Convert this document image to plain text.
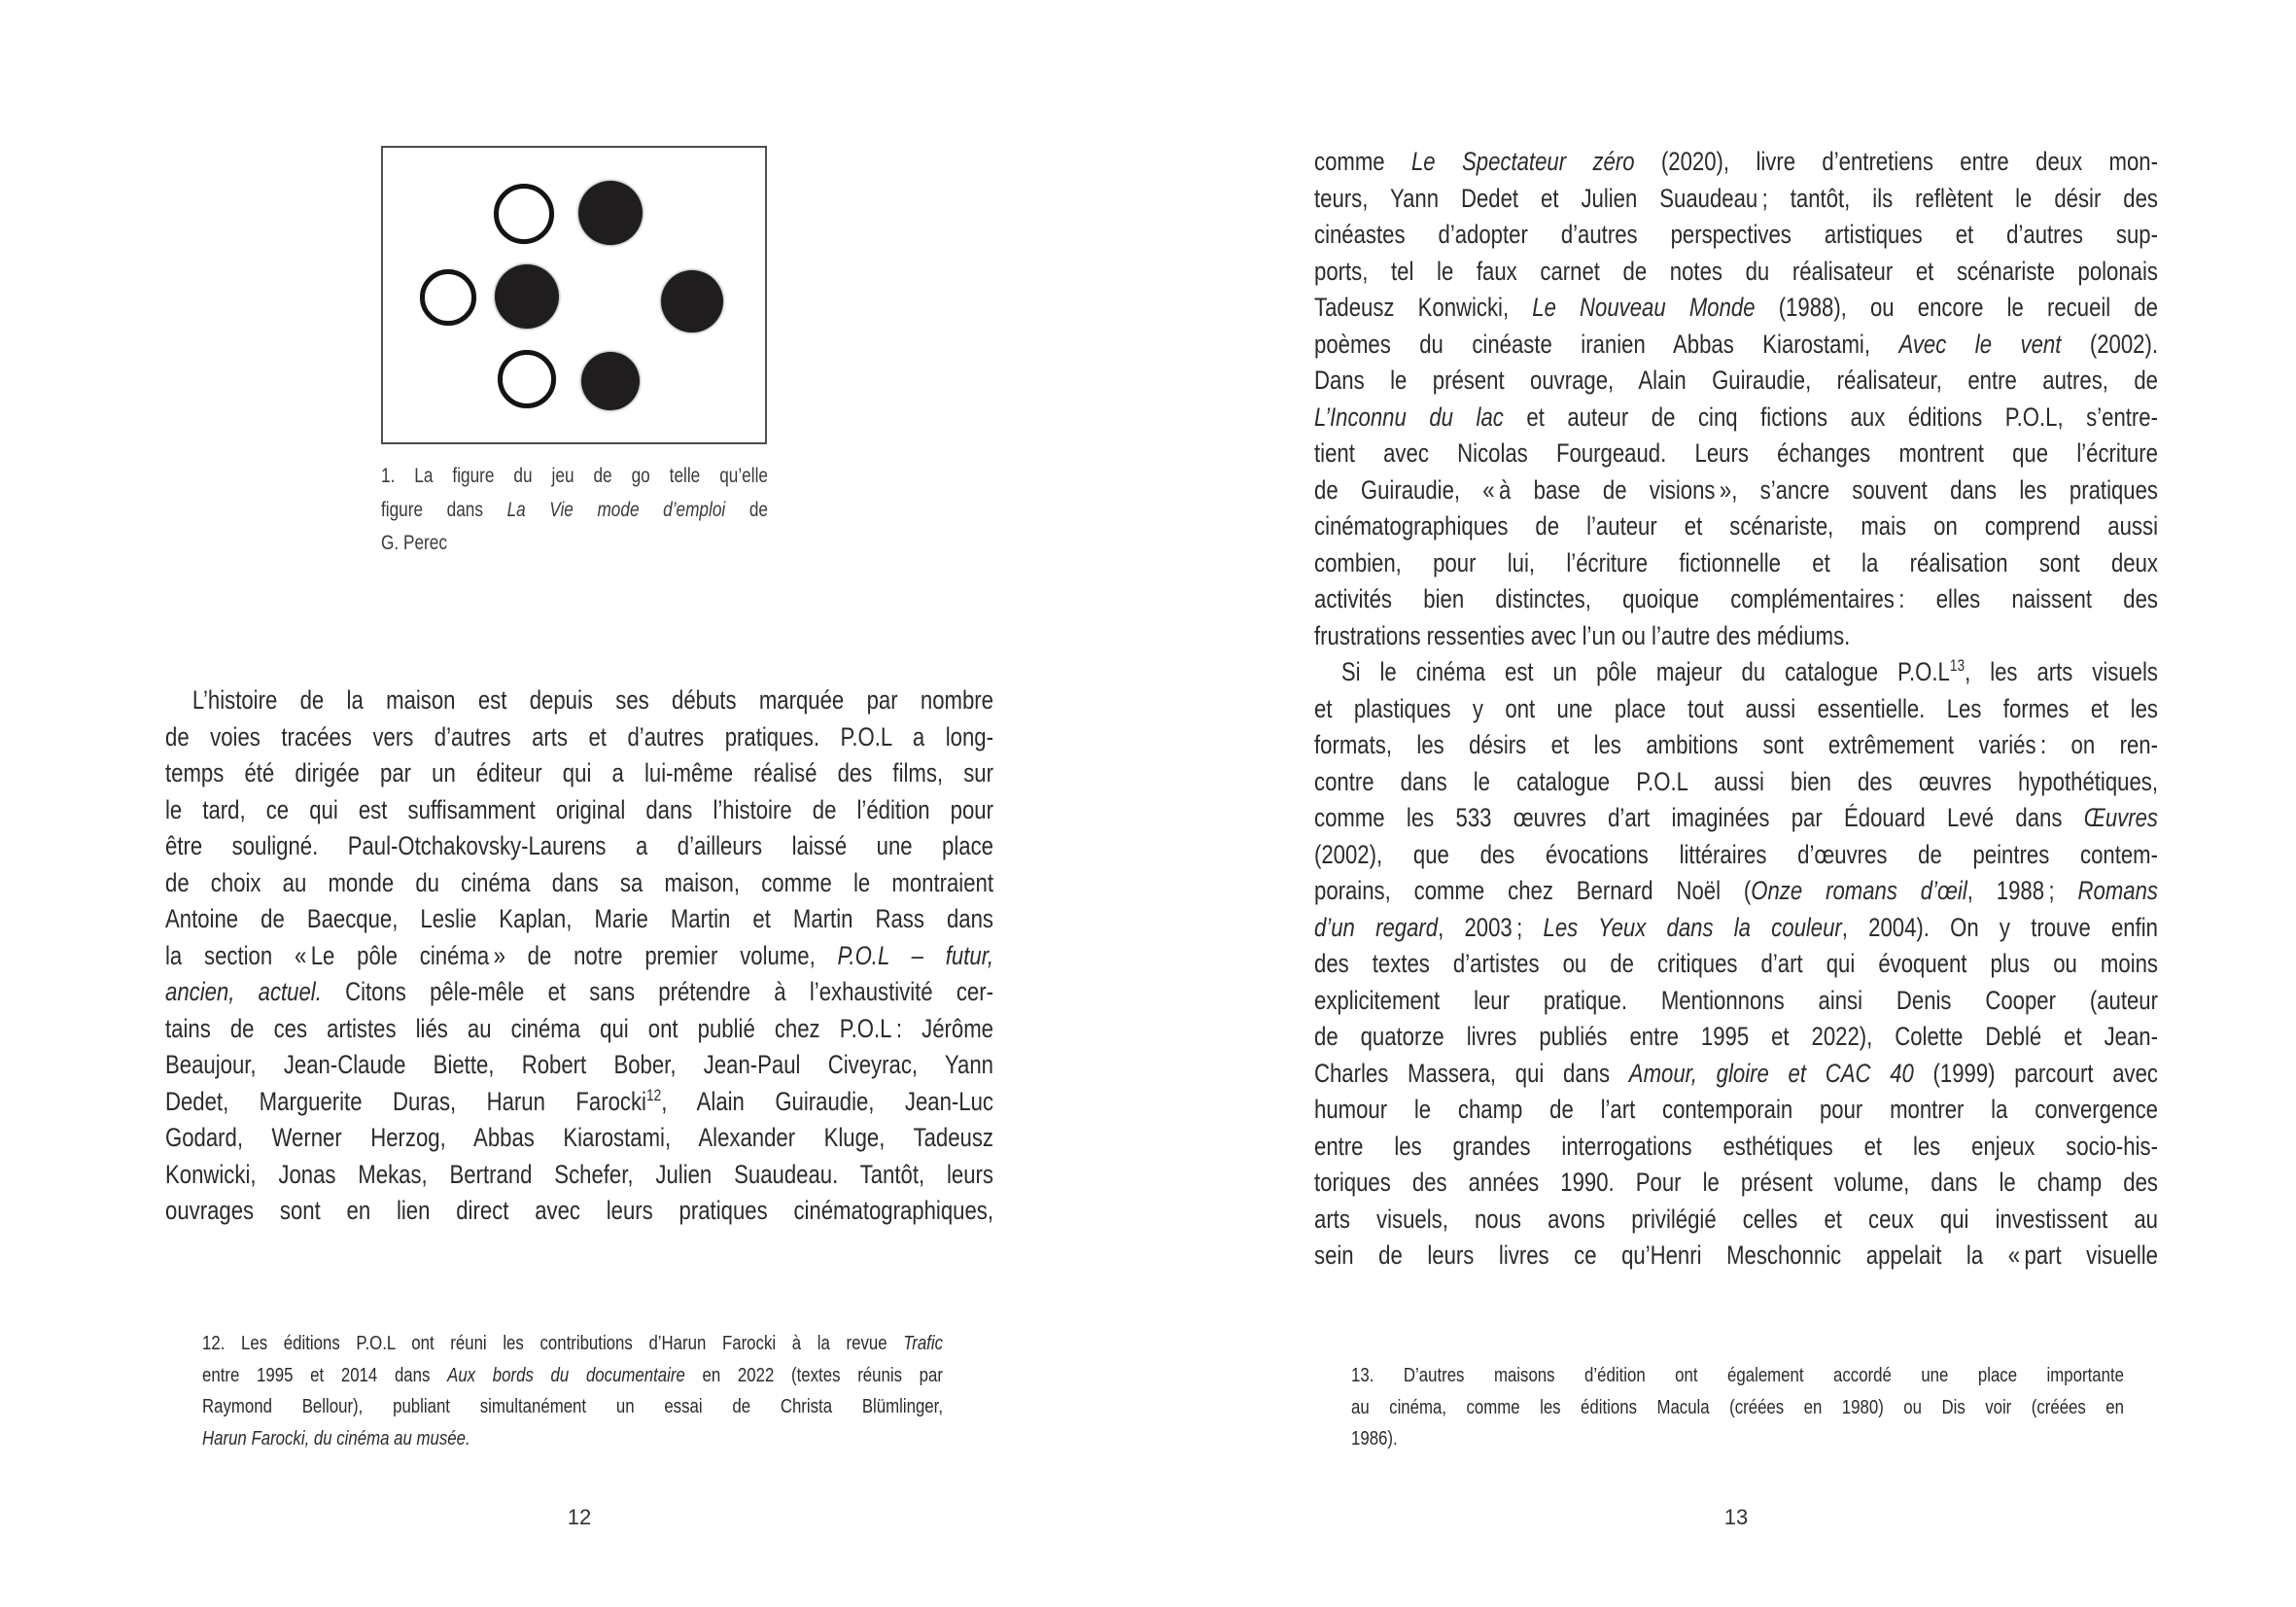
1. La figure du jeu de go telle qu’elle
figure dans La Vie mode d’emploi de
G. Perec
L’histoire de la maison est depuis ses débuts marquée par nombre
de voies tracées vers d’autres arts et d’autres pratiques. P.O.L a long-
temps été dirigée par un éditeur qui a lui-même réalisé des films, sur
le tard, ce qui est suffisamment original dans l’histoire de l’édition pour
être souligné. Paul-Otchakovsky-Laurens a d’ailleurs laissé une place
de choix au monde du cinéma dans sa maison, comme le montraient
Antoine de Baecque, Leslie Kaplan, Marie Martin et Martin Rass dans
la section « Le pôle cinéma » de notre premier volume, P.O.L – futur,
ancien, actuel. Citons pêle-mêle et sans prétendre à l’exhaustivité cer-
tains de ces artistes liés au cinéma qui ont publié chez P.O.L : Jérôme
Beaujour, Jean-Claude Biette, Robert Bober, Jean-Paul Civeyrac, Yann
Dedet, Marguerite Duras, Harun Farocki$^{12}$, Alain Guiraudie, Jean-Luc
Godard, Werner Herzog, Abbas Kiarostami, Alexander Kluge, Tadeusz
Konwicki, Jonas Mekas, Bertrand Schefer, Julien Suaudeau. Tantôt, leurs
ouvrages sont en lien direct avec leurs pratiques cinématographiques,
12. Les éditions P.O.L ont réuni les contributions d’Harun Farocki à la revue Trafic
entre 1995 et 2014 dans Aux bords du documentaire en 2022 (textes réunis par
Raymond Bellour), publiant simultanément un essai de Christa Blümlinger,
Harun Farocki, du cinéma au musée.
comme Le Spectateur zéro (2020), livre d’entretiens entre deux mon-
teurs, Yann Dedet et Julien Suaudeau ; tantôt, ils reflètent le désir des
cinéastes d’adopter d’autres perspectives artistiques et d’autres sup-
ports, tel le faux carnet de notes du réalisateur et scénariste polonais
Tadeusz Konwicki, Le Nouveau Monde (1988), ou encore le recueil de
poèmes du cinéaste iranien Abbas Kiarostami, Avec le vent (2002).
Dans le présent ouvrage, Alain Guiraudie, réalisateur, entre autres, de
L’Inconnu du lac et auteur de cinq fictions aux éditions P.O.L, s’entre-
tient avec Nicolas Fourgeaud. Leurs échanges montrent que l’écriture
de Guiraudie, « à base de visions », s’ancre souvent dans les pratiques
cinématographiques de l’auteur et scénariste, mais on comprend aussi
combien, pour lui, l’écriture fictionnelle et la réalisation sont deux
activités bien distinctes, quoique complémentaires : elles naissent des
frustrations ressenties avec l’un ou l’autre des médiums.
Si le cinéma est un pôle majeur du catalogue $P.O.L^{13}$, les arts visuels
et plastiques y ont une place tout aussi essentielle. Les formes et les
formats, les désirs et les ambitions sont extrêmement variés : on ren-
contre dans le catalogue P.O.L aussi bien des œuvres hypothétiques,
comme les 533 œuvres d’art imaginées par Édouard Levé dans Œuvres
(2002), que des évocations littéraires d’œuvres de peintres contem-
porains, comme chez Bernard Noël (Onze romans d’œil, 1988 ; Romans
d’un regard, 2003 ; Les Yeux dans la couleur, 2004). On y trouve enfin
des textes d’artistes ou de critiques d’art qui évoquent plus ou moins
explicitement leur pratique. Mentionnons ainsi Denis Cooper (auteur
de quatorze livres publiés entre 1995 et 2022), Colette Deblé et Jean-
Charles Massera, qui dans Amour, gloire et CAC 40 (1999) parcourt avec
humour le champ de l’art contemporain pour montrer la convergence
entre les grandes interrogations esthétiques et les enjeux socio-his-
toriques des années 1990. Pour le présent volume, dans le champ des
arts visuels, nous avons privilégié celles et ceux qui investissent au
sein de leurs livres ce qu’Henri Meschonnic appelait la « part visuelle
13. D’autres maisons d’édition ont également accordé une place importante
au cinéma, comme les éditions Macula (créées en 1980) ou Dis voir (créées en
1986).
12	13
